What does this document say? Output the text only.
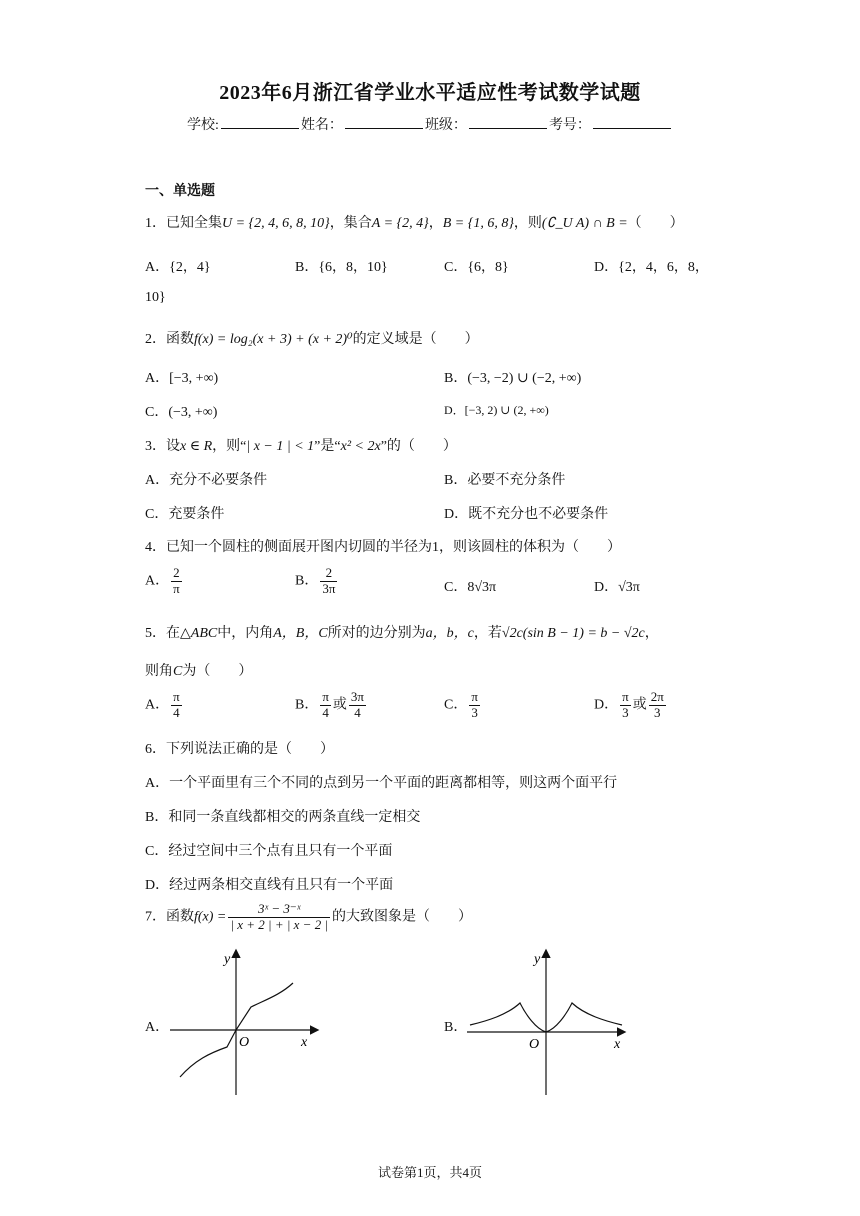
2023年6月浙江省学业水平适应性考试数学试题
学校:	姓名：	班级：	考号：
一、单选题
1．已知全集U = {2, 4, 6, 8, 10}，集合A = {2, 4}，B = {1, 6, 8}，则(∁_U A) ∩ B =（　　）
A．{2，4}	B．{6，8，10}	C．{6，8}	D．{2，4，6，8，
10}
2．函数f(x) = log₂(x + 3) + (x + 2)⁰的定义域是（　　）
A．[−3, +∞)	B．(−3, −2) ∪ (−2, +∞)
C．(−3, +∞)	D．[−3, 2) ∪ (2, +∞)
3．设x ∈ R，则“| x − 1 | < 1”是“x² < 2x”的（　　）
A．充分不必要条件	B．必要不充分条件
C．充要条件	D．既不充分也不必要条件
4．已知一个圆柱的侧面展开图内切圆的半径为1，则该圆柱的体积为（　　）
A． $\frac{2}{\pi}$	B． $\frac{2}{3\pi}$	C．8√3π	D．√3π
5．在△ABC中，内角A，B，C所对的边分别为a，b，c，若√2c(sin B − 1) = b − √2c，
则角C为（　　）
A． $\frac{\pi}{4}$	B． $\frac{\pi}{4}$ 或 $\frac{3\pi}{4}$	C． $\frac{\pi}{3}$	D． $\frac{\pi}{3}$ 或 $\frac{2\pi}{3}$
6．下列说法正确的是（　　）
A．一个平面里有三个不同的点到另一个平面的距离都相等，则这两个面平行
B．和同一条直线都相交的两条直线一定相交
C．经过空间中三个点有且只有一个平面
D．经过两条相交直线有且只有一个平面
7．函数$f(x) = \frac{\text{3ˣ − 3⁻ˣ}}{| x + 2 | + | x - 2 |}$ 的大致图象是（　　）
A．
y
O	x
B．
y
O	x
试卷第1页，共4页
